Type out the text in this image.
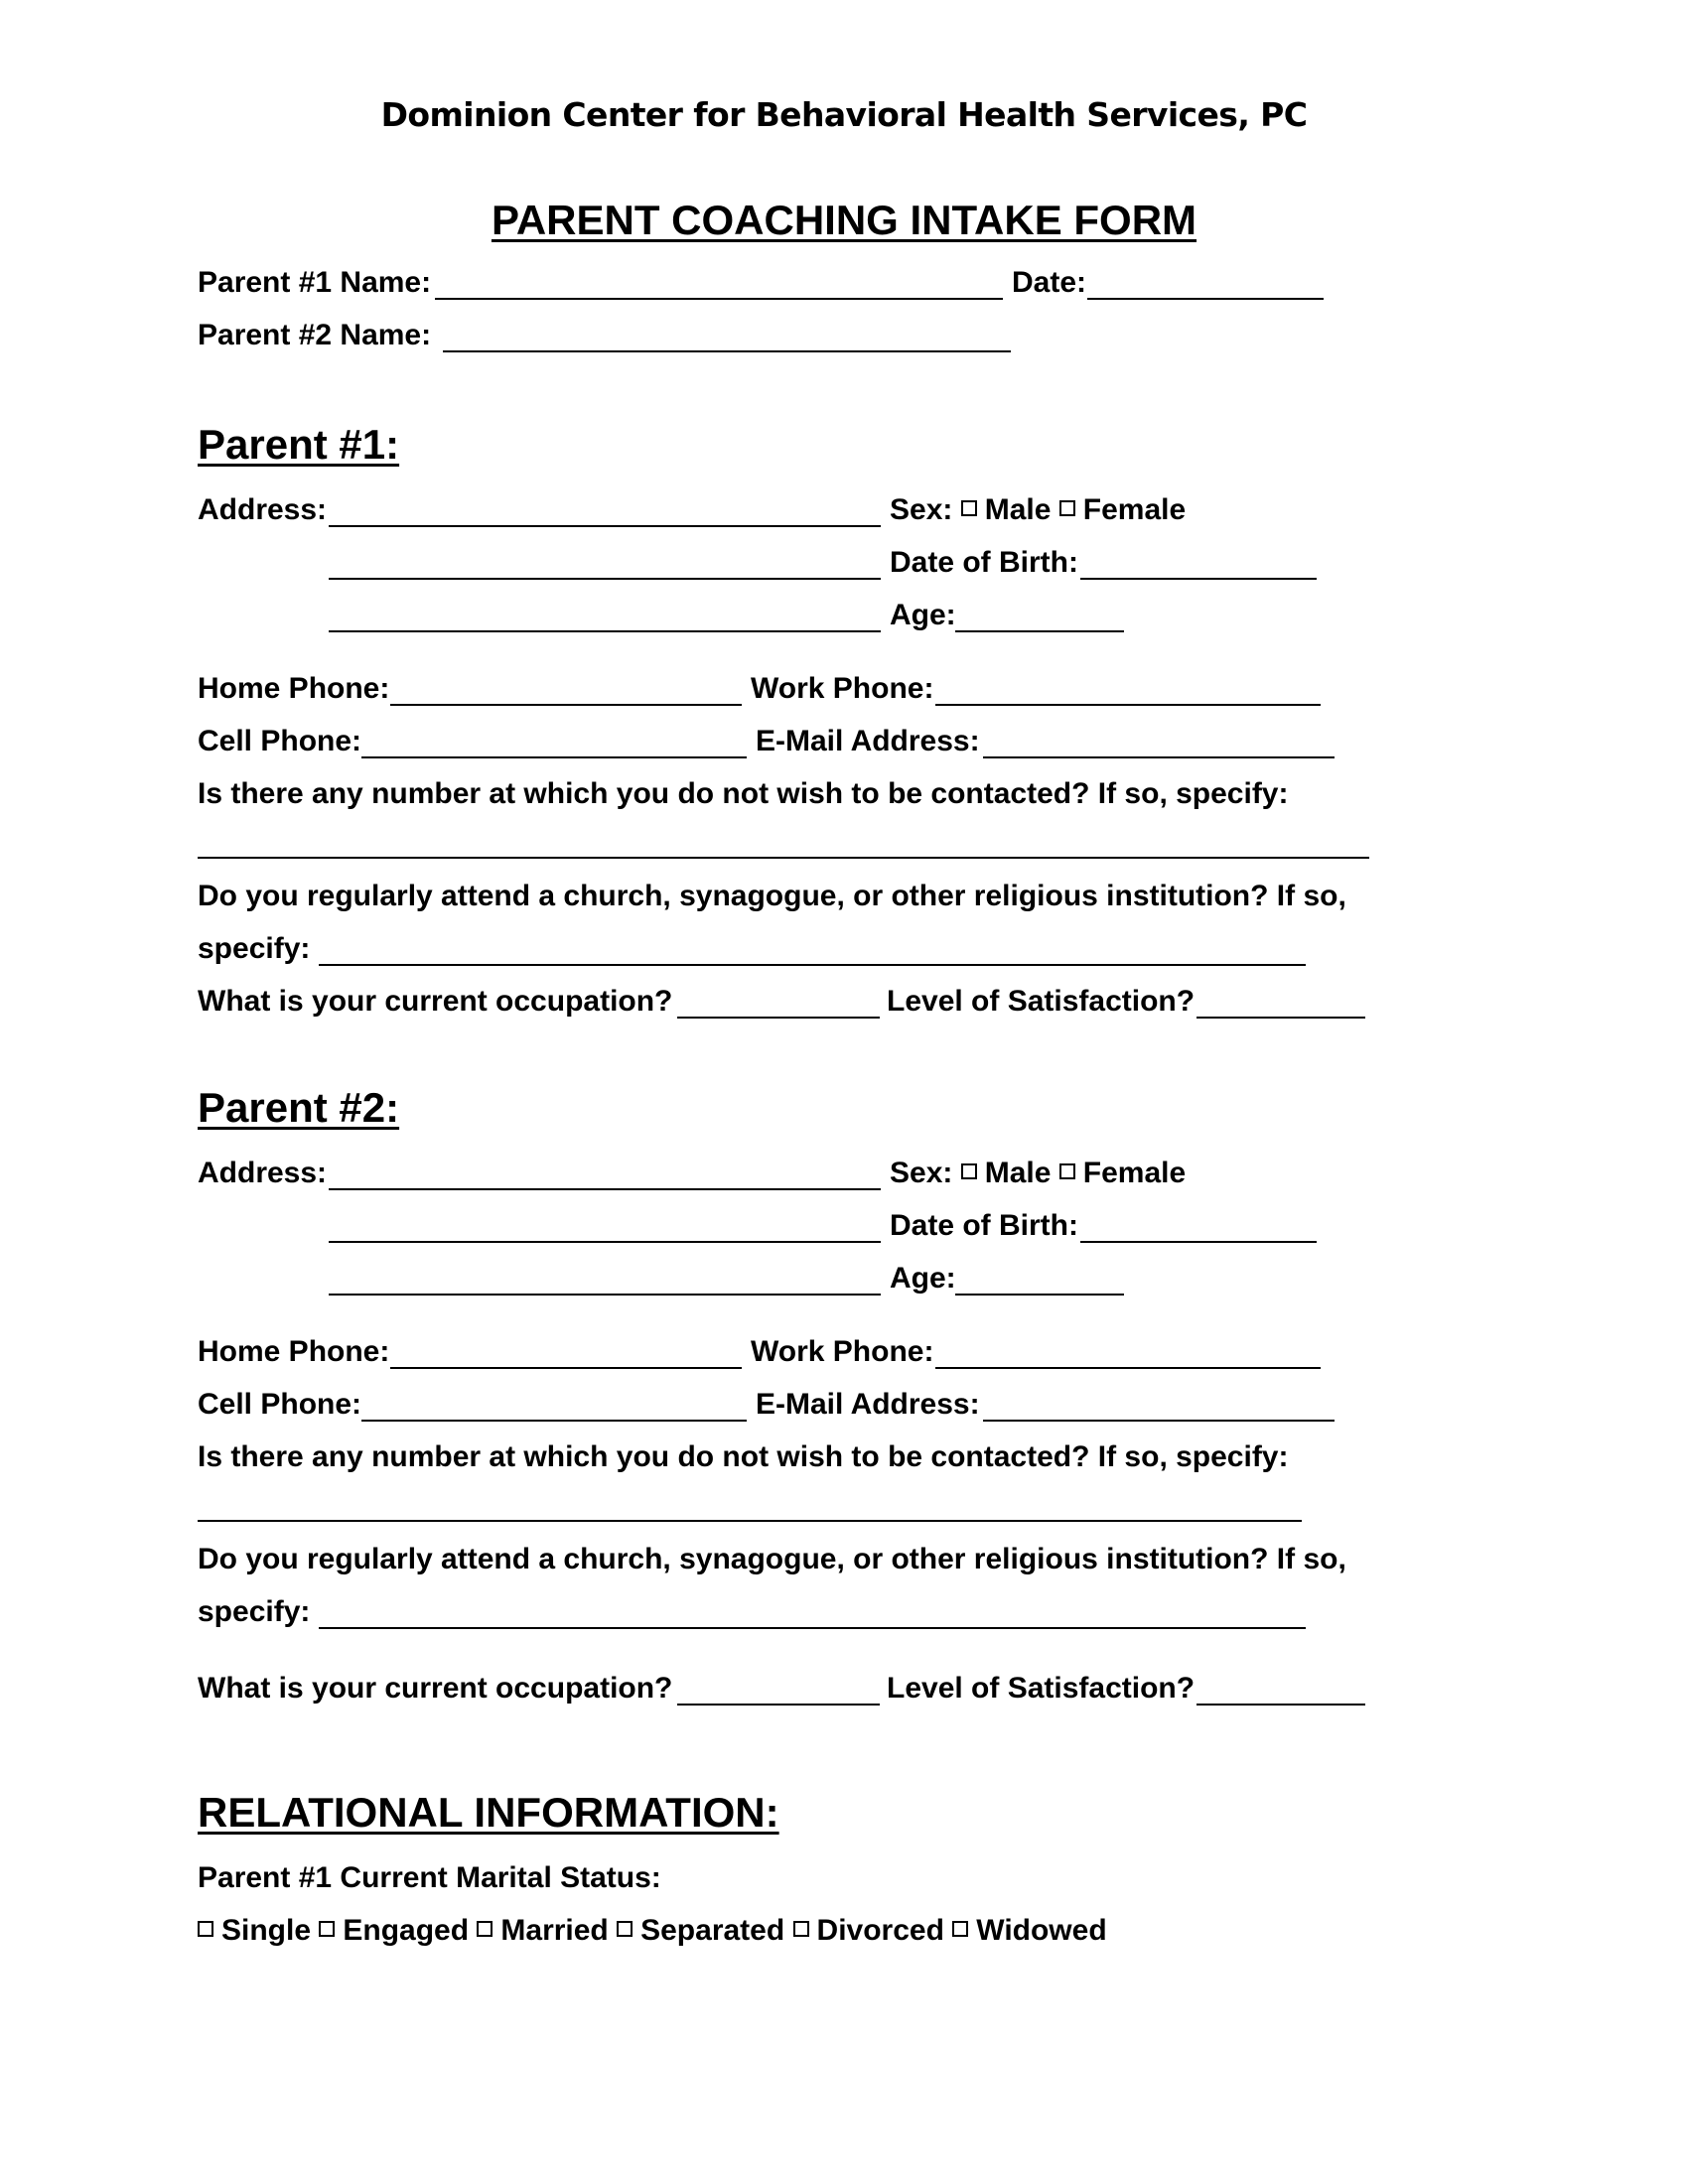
Dominion Center for Behavioral Health Services, PC
PARENT COACHING INTAKE FORM
Parent #1 Name:	Date:
Parent #2 Name:
Parent #1:
Address:	Sex: Male Female
Date of Birth:
Age:
Home Phone:	Work Phone:
Cell Phone:	E-Mail Address:
Is there any number at which you do not wish to be contacted? If so, specify:
Do you regularly attend a church, synagogue, or other religious institution? If so,
specify:
What is your current occupation?	Level of Satisfaction?
Parent #2:
Address:	Sex: Male Female
Date of Birth:
Age:
Home Phone:	Work Phone:
Cell Phone:	E-Mail Address:
Is there any number at which you do not wish to be contacted? If so, specify:
Do you regularly attend a church, synagogue, or other religious institution? If so,
specify:
What is your current occupation?	Level of Satisfaction?
RELATIONAL INFORMATION:
Parent #1 Current Marital Status:
Single Engaged Married Separated Divorced Widowed
